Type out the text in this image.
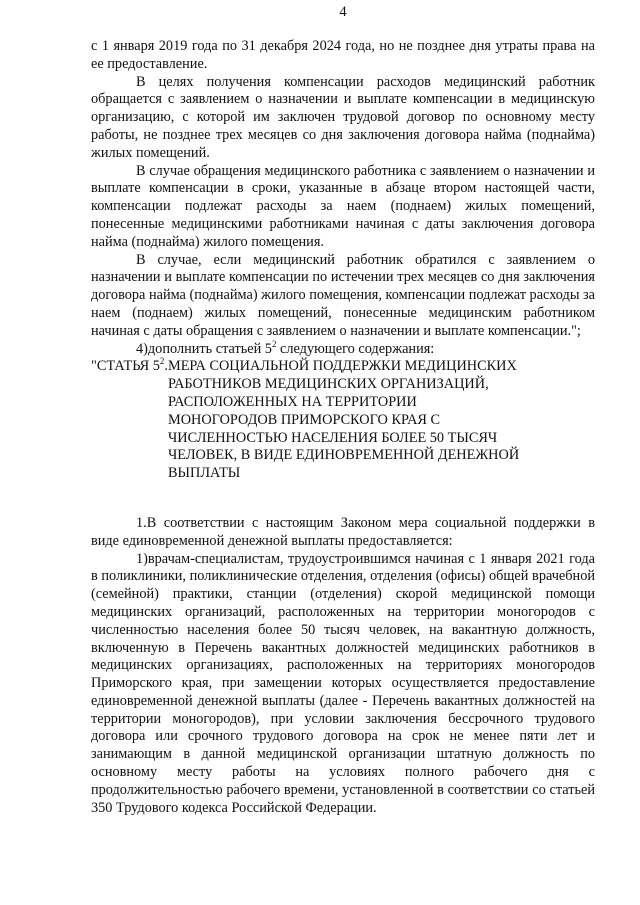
4

с 1 января 2019 года по 31 декабря 2024 года, но не позднее дня утраты права на ее предоставление.

В целях получения компенсации расходов медицинский работник обращается с заявлением о назначении и выплате компенсации в медицинскую организацию, с которой им заключен трудовой договор по основному месту работы, не позднее трех месяцев со дня заключения договора найма (поднайма) жилых помещений.

В случае обращения медицинского работника с заявлением о назначении и выплате компенсации в сроки, указанные в абзаце втором настоящей части, компенсации подлежат расходы за наем (поднаем) жилых помещений, понесенные медицинскими работниками начиная с даты заключения договора найма (поднайма) жилого помещения.

В случае, если медицинский работник обратился с заявлением о назначении и выплате компенсации по истечении трех месяцев со дня заключения договора найма (поднайма) жилого помещения, компенсации подлежат расходы за наем (поднаем) жилых помещений, понесенные медицинским работником начиная с даты обращения с заявлением о назначении и выплате компенсации.";

4)дополнить статьей $5^2$ следующего содержания:

"СТАТЬЯ $5^2$. МЕРА СОЦИАЛЬНОЙ ПОДДЕРЖКИ МЕДИЦИНСКИХ
РАБОТНИКОВ МЕДИЦИНСКИХ ОРГАНИЗАЦИЙ,
РАСПОЛОЖЕННЫХ НА ТЕРРИТОРИИ
МОНОГОРОДОВ ПРИМОРСКОГО КРАЯ С
ЧИСЛЕННОСТЬЮ НАСЕЛЕНИЯ БОЛЕЕ 50 ТЫСЯЧ
ЧЕЛОВЕК, В ВИДЕ ЕДИНОВРЕМЕННОЙ ДЕНЕЖНОЙ
ВЫПЛАТЫ

1.В соответствии с настоящим Законом мера социальной поддержки в виде единовременной денежной выплаты предоставляется:

1)врачам-специалистам, трудоустроившимся начиная с 1 января 2021 года в поликлиники, поликлинические отделения, отделения (офисы) общей врачебной (семейной) практики, станции (отделения) скорой медицинской помощи медицинских организаций, расположенных на территории моногородов с численностью населения более 50 тысяч человек, на вакантную должность, включенную в Перечень вакантных должностей медицинских работников в медицинских организациях, расположенных на территориях моногородов Приморского края, при замещении которых осуществляется предоставление единовременной денежной выплаты (далее - Перечень вакантных должностей на территории моногородов), при условии заключения бессрочного трудового договора или срочного трудового договора на срок не менее пяти лет и занимающим в данной медицинской организации штатную должность по основному месту работы на условиях полного рабочего дня с продолжительностью рабочего времени, установленной в соответствии со статьей 350 Трудового кодекса Российской Федерации.
